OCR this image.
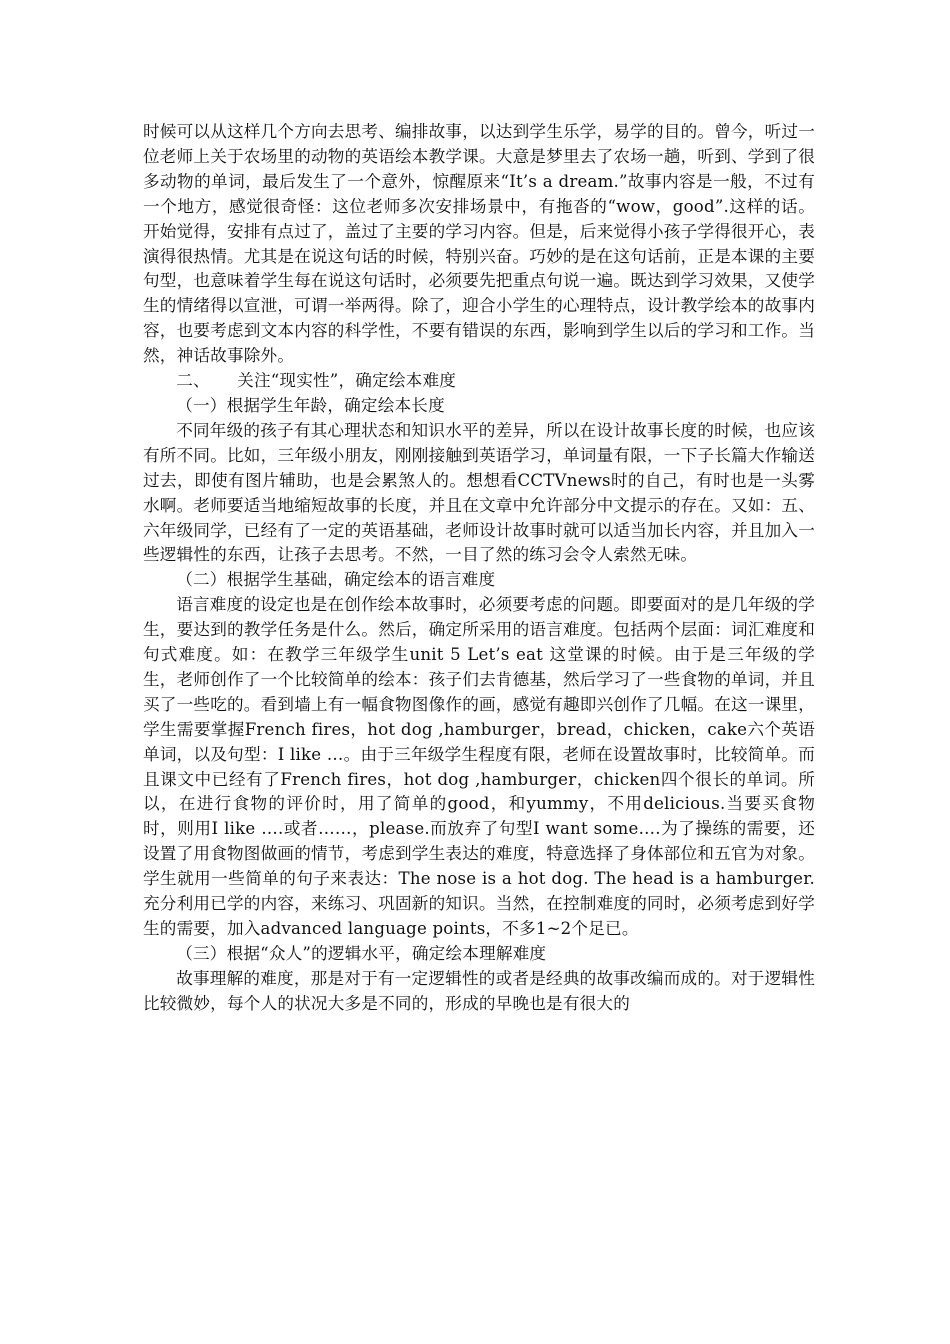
时候可以从这样几个方向去思考、编排故事，以达到学生乐学，易学的目的。曾今，听过一位老师上关于农场里的动物的英语绘本教学课。大意是梦里去了农场一趟，听到、学到了很多动物的单词，最后发生了一个意外，惊醒原来“It’s a dream.”故事内容是一般，不过有一个地方，感觉很奇怪：这位老师多次安排场景中，有拖沓的“wow，good”.这样的话。开始觉得，安排有点过了，盖过了主要的学习内容。但是，后来觉得小孩子学得很开心，表演得很热情。尤其是在说这句话的时候，特别兴奋。巧妙的是在这句话前，正是本课的主要句型，也意味着学生每在说这句话时，必须要先把重点句说一遍。既达到学习效果，又使学生的情绪得以宣泄，可谓一举两得。除了，迎合小学生的心理特点，设计教学绘本的故事内容，也要考虑到文本内容的科学性，不要有错误的东西，影响到学生以后的学习和工作。当然，神话故事除外。

二、 关注“现实性”，确定绘本难度

（一）根据学生年龄，确定绘本长度

不同年级的孩子有其心理状态和知识水平的差异，所以在设计故事长度的时候，也应该有所不同。比如，三年级小朋友，刚刚接触到英语学习，单词量有限，一下子长篇大作输送过去，即使有图片辅助，也是会累煞人的。想想看CCTVnews时的自己，有时也是一头雾水啊。老师要适当地缩短故事的长度，并且在文章中允许部分中文提示的存在。又如：五、六年级同学，已经有了一定的英语基础，老师设计故事时就可以适当加长内容，并且加入一些逻辑性的东西，让孩子去思考。不然，一目了然的练习会令人索然无味。

（二）根据学生基础，确定绘本的语言难度

语言难度的设定也是在创作绘本故事时，必须要考虑的问题。即要面对的是几年级的学生，要达到的教学任务是什么。然后，确定所采用的语言难度。包括两个层面：词汇难度和句式难度。如：在教学三年级学生unit 5 Let’s eat 这堂课的时候。由于是三年级的学生，老师创作了一个比较简单的绘本：孩子们去肯德基，然后学习了一些食物的单词，并且买了一些吃的。看到墙上有一幅食物图像作的画，感觉有趣即兴创作了几幅。在这一课里，学生需要掌握French fires，hot dog ,hamburger，bread，chicken，cake六个英语单词，以及句型：I like …。由于三年级学生程度有限，老师在设置故事时，比较简单。而且课文中已经有了French fires，hot dog ,hamburger，chicken四个很长的单词。所以，在进行食物的评价时，用了简单的good，和yummy，不用delicious.当要买食物时，则用I like ….或者……，please.而放弃了句型I want some….为了操练的需要，还设置了用食物图做画的情节，考虑到学生表达的难度，特意选择了身体部位和五官为对象。学生就用一些简单的句子来表达：The nose is a hot dog. The head is a hamburger.充分利用已学的内容，来练习、巩固新的知识。当然，在控制难度的同时，必须考虑到好学生的需要，加入advanced language points，不多1~2个足已。

（三）根据“众人”的逻辑水平，确定绘本理解难度

故事理解的难度，那是对于有一定逻辑性的或者是经典的故事改编而成的。对于逻辑性比较微妙，每个人的状况大多是不同的，形成的早晚也是有很大的
